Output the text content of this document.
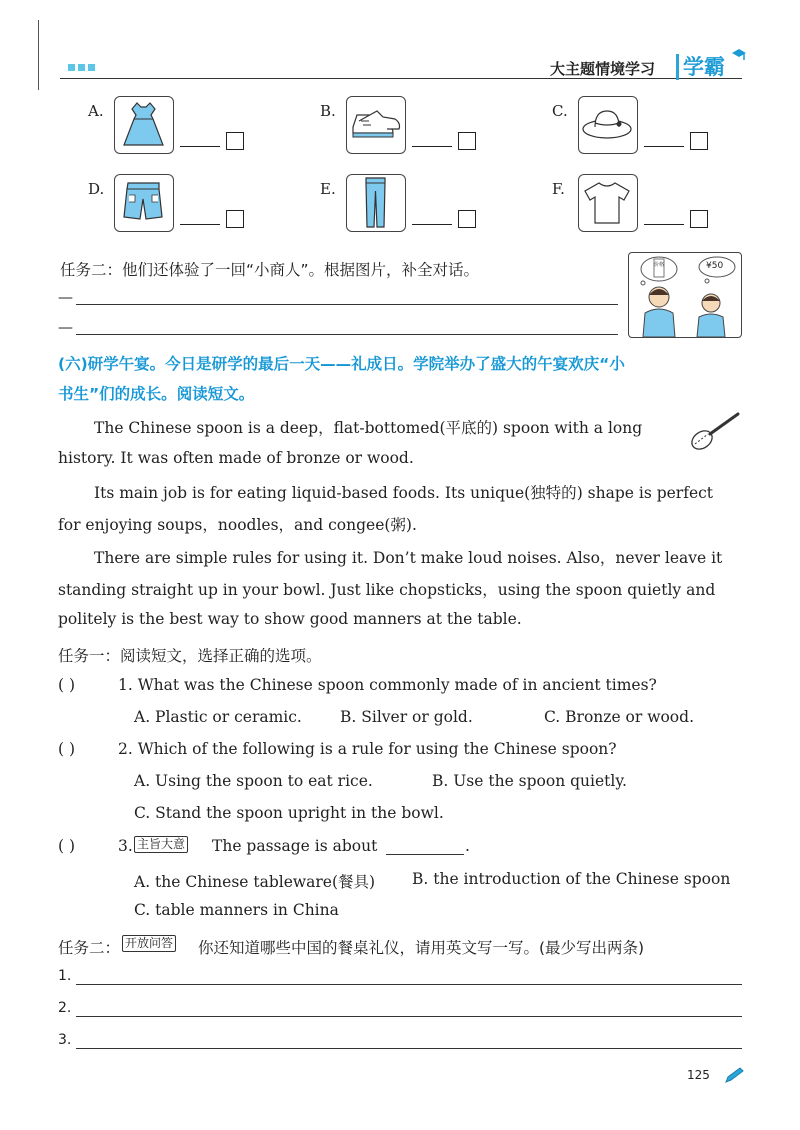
大主题情境学习 学霸
A.	B.	C.
D.	E.	F.
任务二：他们还体验了一回“小商人”。根据图片，补全对话。
—
—
价格	¥50
(六)研学午宴。今日是研学的最后一天——礼成日。学院举办了盛大的午宴欢庆“小
书生”们的成长。阅读短文。
The Chinese spoon is a deep，flat-bottomed(平底的) spoon with a long
history. It was often made of bronze or wood.
Its main job is for eating liquid-based foods. Its unique(独特的) shape is perfect
for enjoying soups，noodles，and congee(粥).
There are simple rules for using it. Don’t make loud noises. Also，never leave it
standing straight up in your bowl. Just like chopsticks，using the spoon quietly and
politely is the best way to show good manners at the table.
任务一：阅读短文，选择正确的选项。
( )	1. What was the Chinese spoon commonly made of in ancient times?
A. Plastic or ceramic. B. Silver or gold.	C. Bronze or wood.
( )	2. Which of the following is a rule for using the Chinese spoon?
A. Using the spoon to eat rice.	B. Use the spoon quietly.
C. Stand the spoon upright in the bowl.
( )	3. 主旨大意 The passage is about	.
A. the Chinese tableware(餐具) B. the introduction of the Chinese spoon
C. table manners in China
任务二： 开放问答 你还知道哪些中国的餐桌礼仪，请用英文写一写。(最少写出两条)
1.
2.
3.
125
